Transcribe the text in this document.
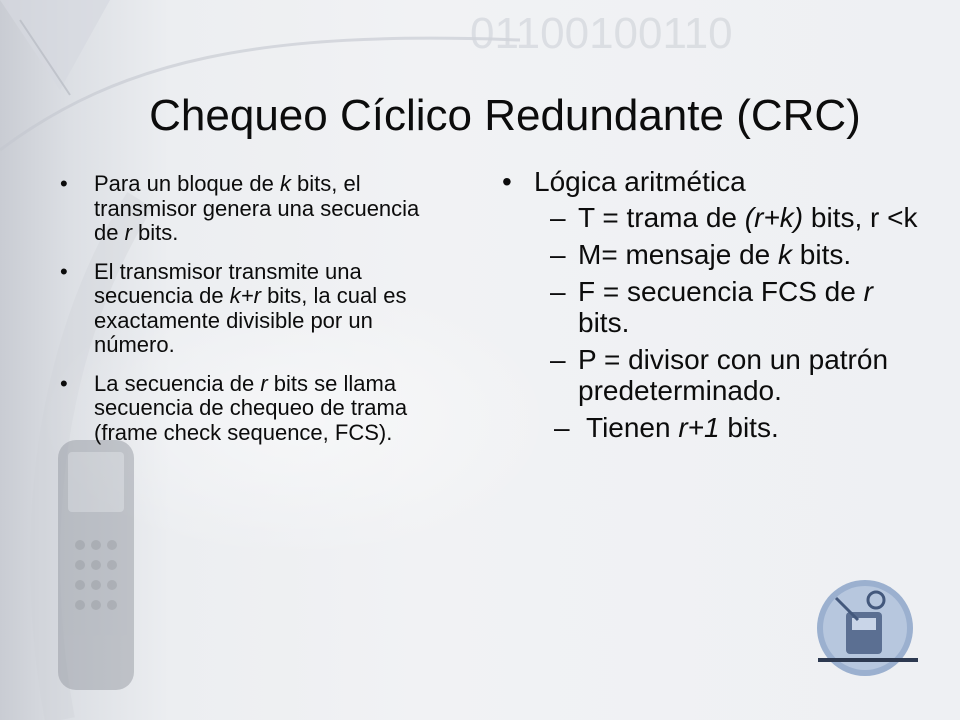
01100100110
Chequeo Cíclico Redundante (CRC)
• Para un bloque de k bits, el transmisor genera una secuencia de r bits.
• El transmisor transmite una secuencia de k+r bits, la cual es exactamente divisible por un número.
• La secuencia de r bits se llama secuencia de chequeo de trama (frame check sequence, FCS).
• Lógica aritmética
– T = trama de (r+k) bits, r <k
– M= mensaje de k bits.
– F = secuencia FCS de r bits.
– P = divisor con un patrón predeterminado.
– Tienen r+1 bits.
